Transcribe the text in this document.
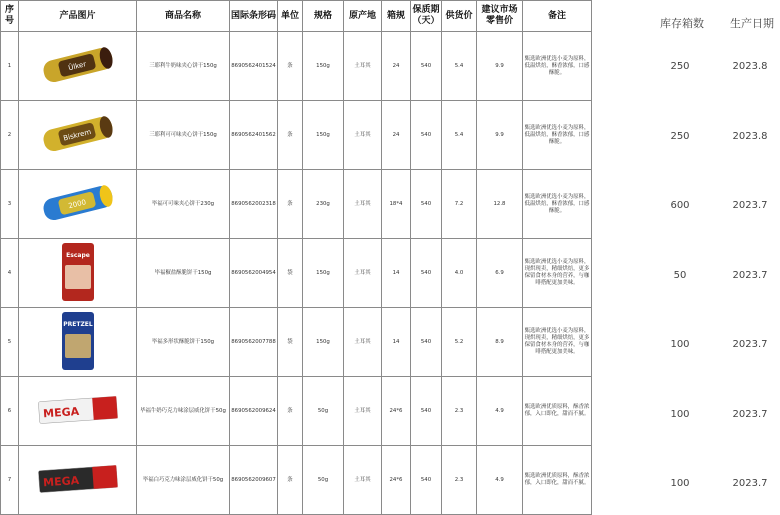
序号	产品图片	商品名称	国际条形码	单位	规格	原产地	箱规	保质期（天）	供货价	建议市场零售价	备注
1	Ülker	三耶利牛奶味夹心饼干150g	8690562401524	条	150g	土耳其	24	540	5.4	9.9	甄选欧洲优选小麦为原料，低温烘焙，酥香浓郁，口感酥脆。
2	Biskrem	三耶利可可味夹心饼干150g	8690562401562	条	150g	土耳其	24	540	5.4	9.9	甄选欧洲优选小麦为原料，低温烘焙，酥香浓郁，口感酥脆。
3	2000	毕福可可味夹心饼干230g	8690562002318	条	230g	土耳其	18*4	540	7.2	12.8	甄选欧洲优选小麦为原料，低温烘焙，酥香浓郁，口感酥脆。
4	Escape	毕福椒盐酥脆饼干150g	8690562004954	袋	150g	土耳其	14	540	4.0	6.9	甄选欧洲优选小麦为原料，现烘现卖，精细烘焙，更多保留食材本身的营养，与咖啡搭配更加美味。
5	PRETZEL	毕福多形状酥脆饼干150g	8690562007788	袋	150g	土耳其	14	540	5.2	8.9	甄选欧洲优选小麦为原料，现烘现卖，精细烘焙，更多保留食材本身的营养，与咖啡搭配更加美味。
6	MEGA	毕福牛奶巧克力味涂层威化饼干50g	8690562009624	条	50g	土耳其	24*6	540	2.3	4.9	甄选欧洲优质原料，酥香浓郁，入口即化，甜而不腻。
7	MEGA	毕福白巧克力味涂层威化饼干50g	8690562009607	条	50g	土耳其	24*6	540	2.3	4.9	甄选欧洲优质原料，酥香浓郁，入口即化，甜而不腻。
库存箱数 生产日期
250	2023.8
250	2023.8
600	2023.7
50	2023.7
100	2023.7
100	2023.7
100	2023.7
